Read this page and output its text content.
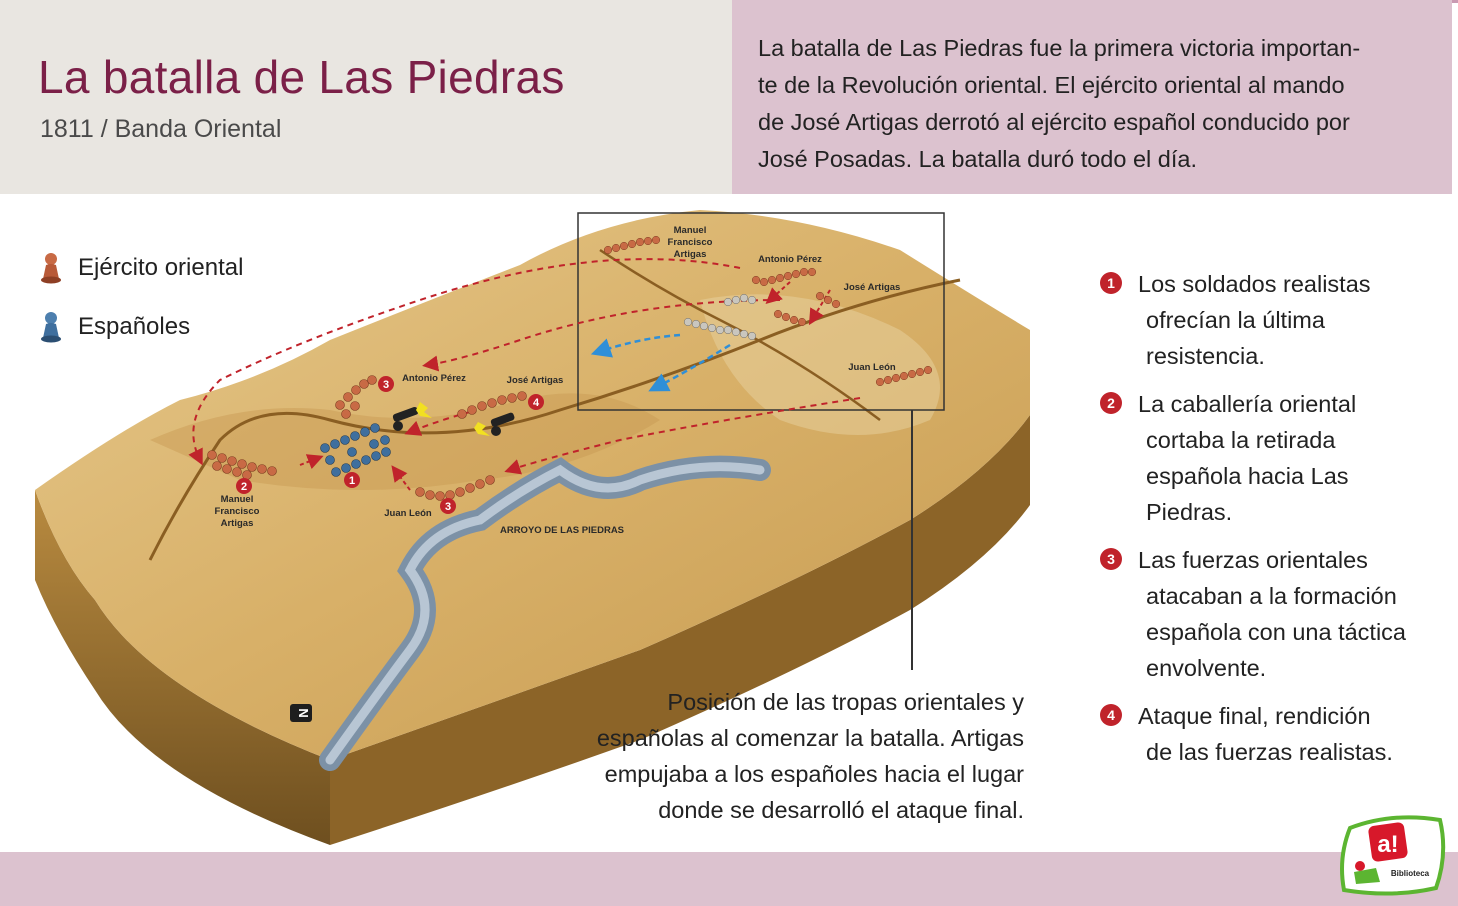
La batalla de Las Piedras
1811 / Banda Oriental
La batalla de Las Piedras fue la primera victoria importan-
te de la Revolución oriental. El ejército oriental al mando
de José Artigas derrotó al ejército español conducido por
José Posadas. La batalla duró todo el día.
Ejército oriental
Españoles
1
2
3
3
4
Manuel
Francisco
Artigas
Antonio Pérez	José Artigas
Juan León
ARROYO DE LAS PIEDRAS
Manuel
Francisco
Artigas	Antonio Pérez
José Artigas
Juan León
N	Posición de las tropas orientales y
españolas al comenzar la batalla. Artigas
empujaba a los españoles hacia el lugar
donde se desarrolló el ataque final.
1 Los soldados realistas
ofrecían la última
resistencia.
2 La caballería oriental
cortaba la retirada
española hacia Las
Piedras.
3 Las fuerzas orientales
atacaban a la formación
española con una táctica
envolvente.
4 Ataque final, rendición
de las fuerzas realistas.
a!
Biblioteca
